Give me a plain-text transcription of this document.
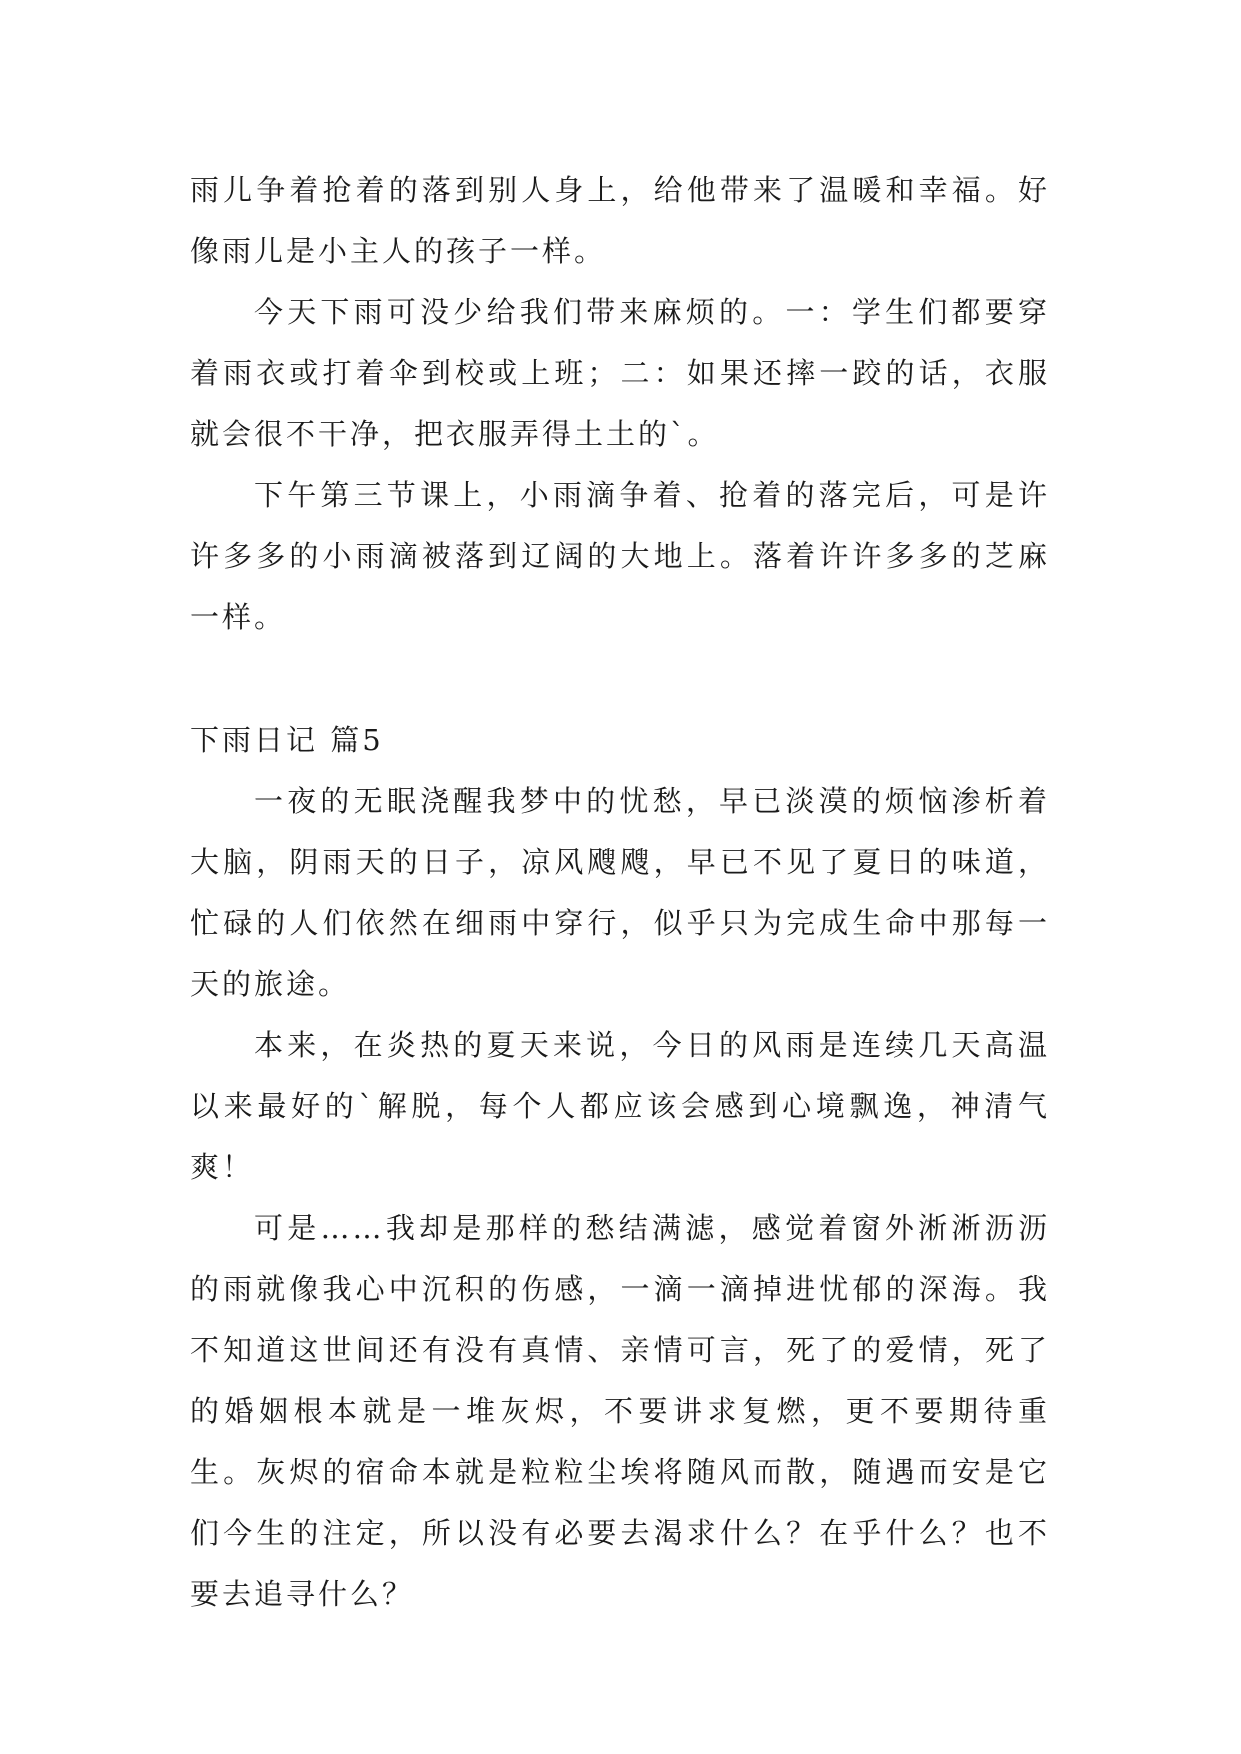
雨儿争着抢着的落到别人身上，给他带来了温暖和幸福。好像雨儿是小主人的孩子一样。

今天下雨可没少给我们带来麻烦的。一：学生们都要穿着雨衣或打着伞到校或上班；二：如果还摔一跤的话，衣服就会很不干净，把衣服弄得土土的`。

下午第三节课上，小雨滴争着、抢着的落完后，可是许许多多的小雨滴被落到辽阔的大地上。落着许许多多的芝麻一样。

下雨日记 篇5

一夜的无眠浇醒我梦中的忧愁，早已淡漠的烦恼渗析着大脑，阴雨天的日子，凉风飕飕，早已不见了夏日的味道，忙碌的人们依然在细雨中穿行，似乎只为完成生命中那每一天的旅途。

本来，在炎热的夏天来说，今日的风雨是连续几天高温以来最好的`解脱，每个人都应该会感到心境飘逸，神清气爽！

可是……我却是那样的愁结满滤，感觉着窗外淅淅沥沥的雨就像我心中沉积的伤感，一滴一滴掉进忧郁的深海。我不知道这世间还有没有真情、亲情可言，死了的爱情，死了的婚姻根本就是一堆灰烬，不要讲求复燃，更不要期待重生。灰烬的宿命本就是粒粒尘埃将随风而散，随遇而安是它们今生的注定，所以没有必要去渴求什么？在乎什么？也不要去追寻什么？
